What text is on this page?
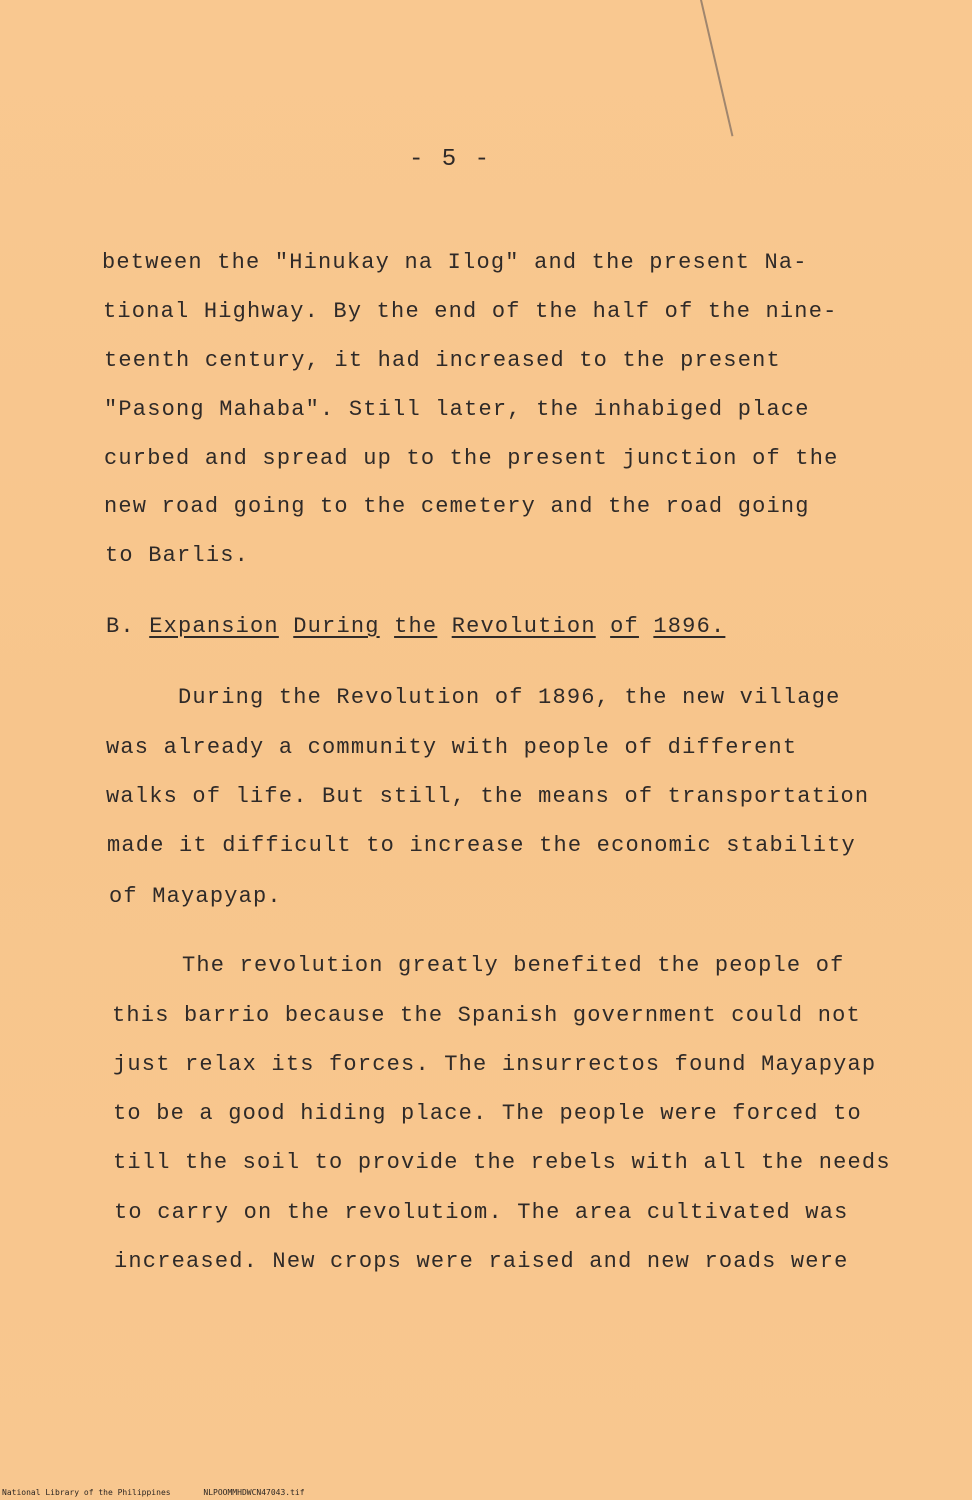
- 5 -
between the "Hinukay na Ilog" and the present Na-
tional Highway. By the end of the half of the nine-
teenth century, it had increased to the present
"Pasong Mahaba". Still later, the inhabiged place
curbed and spread up to the present junction of the
new road going to the cemetery and the road going
to Barlis.
B. Expansion During the Revolution of 1896.
During the Revolution of 1896, the new village
was already a community with people of different
walks of life. But still, the means of transportation
made it difficult to increase the economic stability
of Mayapyap.
The revolution greatly benefited the people of
this barrio because the Spanish government could not
just relax its forces. The insurrectos found Mayapyap
to be a good hiding place. The people were forced to
till the soil to provide the rebels with all the needs
to carry on the revolutiom. The area cultivated was
increased. New crops were raised and new roads were
National Library of the Philippines	NLPOOMMHDWCN47043.tif
